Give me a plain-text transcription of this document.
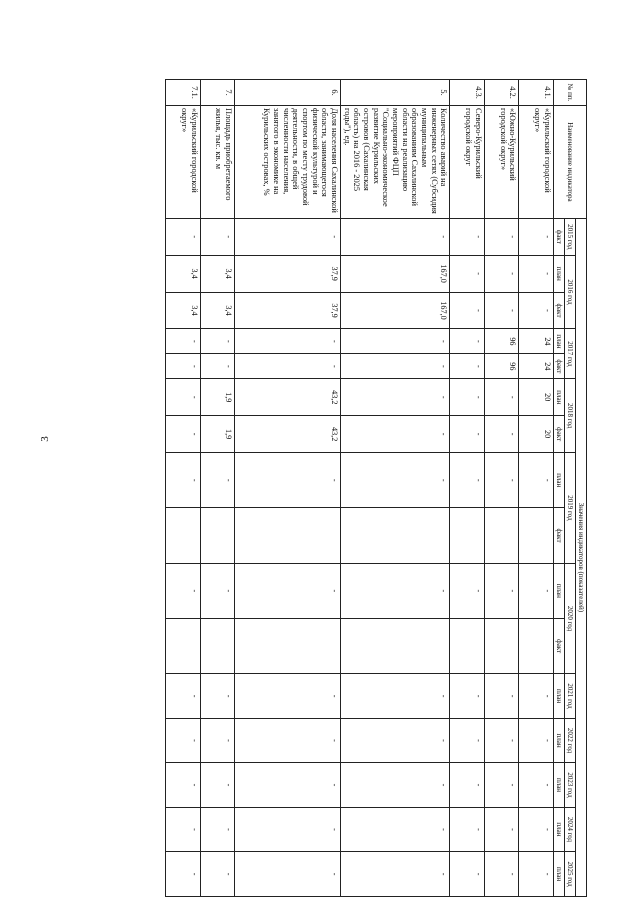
3
№ пп.	Наименование индикатора	Значения индикаторов (показателей)															
		2015 год	2016 год		2017 год		2018 год		2019 год		2020 год		2021 год	2022 год	2023 год	2024 год	2025 год
		факт	план	факт	план	факт	план	факт	план	факт	план	факт	план	план	план	план	план
4.1.	«Курильский городской округ»	-	-	-	24	24	20	20	-		-		-	-	-	-	-
4.2.	«Южно-Курильский городской округ»	-	-	-	96	96	-	-	-		-		-	-	-	-	-
4.3.	Северо-Курильский городской округ	-	-	-	-	-	-	-	-		-		-	-	-	-	-
5.	Количество аварий на инженерных сетях (Субсидия муниципальным образованиям Сахалинской области на реализацию мероприятий ФЦП "Социально-экономическое развитие Курильских островов (Сахалинская область) на 2016 - 2025 годы"), ед.	-	167,0	167,0	-	-	-	-	-		-		-	-	-	-	-
6.	Доля населения Сахалинской области, занимающегося физической культурой и спортом по месту трудовой деятельности, в общей численности населения, занятого в экономике на Курильских островах, %	-	37,9	37,9	-	-	43,2	43,2	-		-		-	-	-	-	-
7.	Площадь приобретаемого жилья, тыс. кв. м	-	3,4	3,4	-	-	1,9	1,9	-		-		-	-	-	-	-
7.1.	«Курильский городской округ»	-	3,4	3,4	-	-	-	-	-		-		-	-	-	-	-
